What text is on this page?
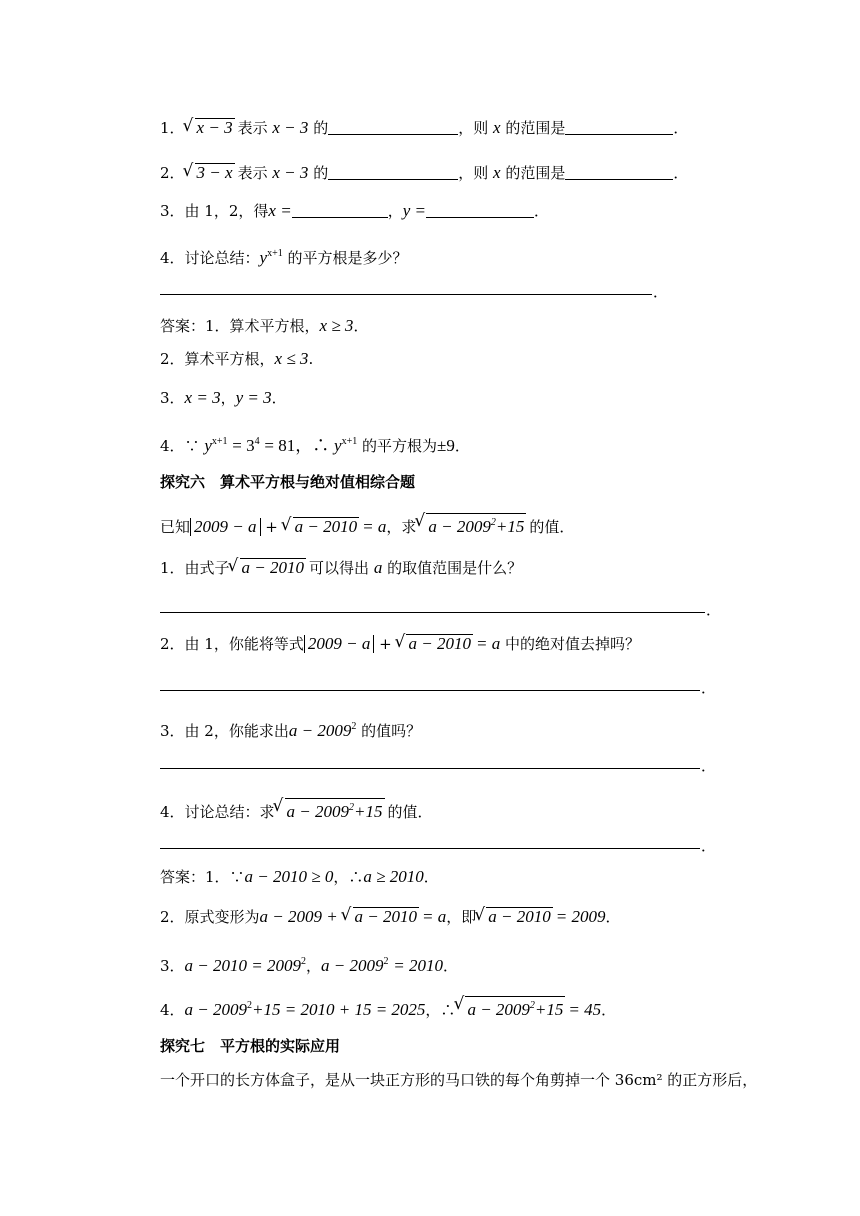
1． √ x − 3 表示 x − 3 的	，则 x 的范围是	．
2． √ 3 − x 表示 x − 3 的	，则 x 的范围是	．
3．由 1，2，得x =	，y =	．
4．讨论总结：$y^{x+1}$ 的平方根是多少？
．
答案：1．算术平方根，x ≥ 3．
2．算术平方根，x ≤ 3.
3．x = 3，y = 3．
4．∵ $y^{x+1} = 3^4 = 81$，∴ $y^{x+1}$ 的平方根为±9．
探究六　算术平方根与绝对值相综合题
已知 2009 − a + √ a − 2010 = a，求 √ $a - 2009^2+15$ 的值．
1．由式子 √ a − 2010 可以得出 a 的取值范围是什么？
．
2．由 1，你能将等式 2009 − a + √ a − 2010 = a 中的绝对值去掉吗？
．
3．由 2，你能求出$a - 2009^2$ 的值吗？
．
4．讨论总结：求 √ $a - 2009^2+15$ 的值．
．
答案：1．∵a − 2010 ≥ 0，∴a ≥ 2010．
2．原式变形为a − 2009 + √ a − 2010 = a，即 √ a − 2010 = 2009．
3．$a - 2010 = 2009^2$，$a - 2009^2 = 2010$．
4．$a - 2009^2+15 = 2010 + 15 = 2025$，∴ √ $a - 2009^2+15 = 45$．
探究七　平方根的实际应用
一个开口的长方体盒子，是从一块正方形的马口铁的每个角剪掉一个 36cm² 的正方形后，
